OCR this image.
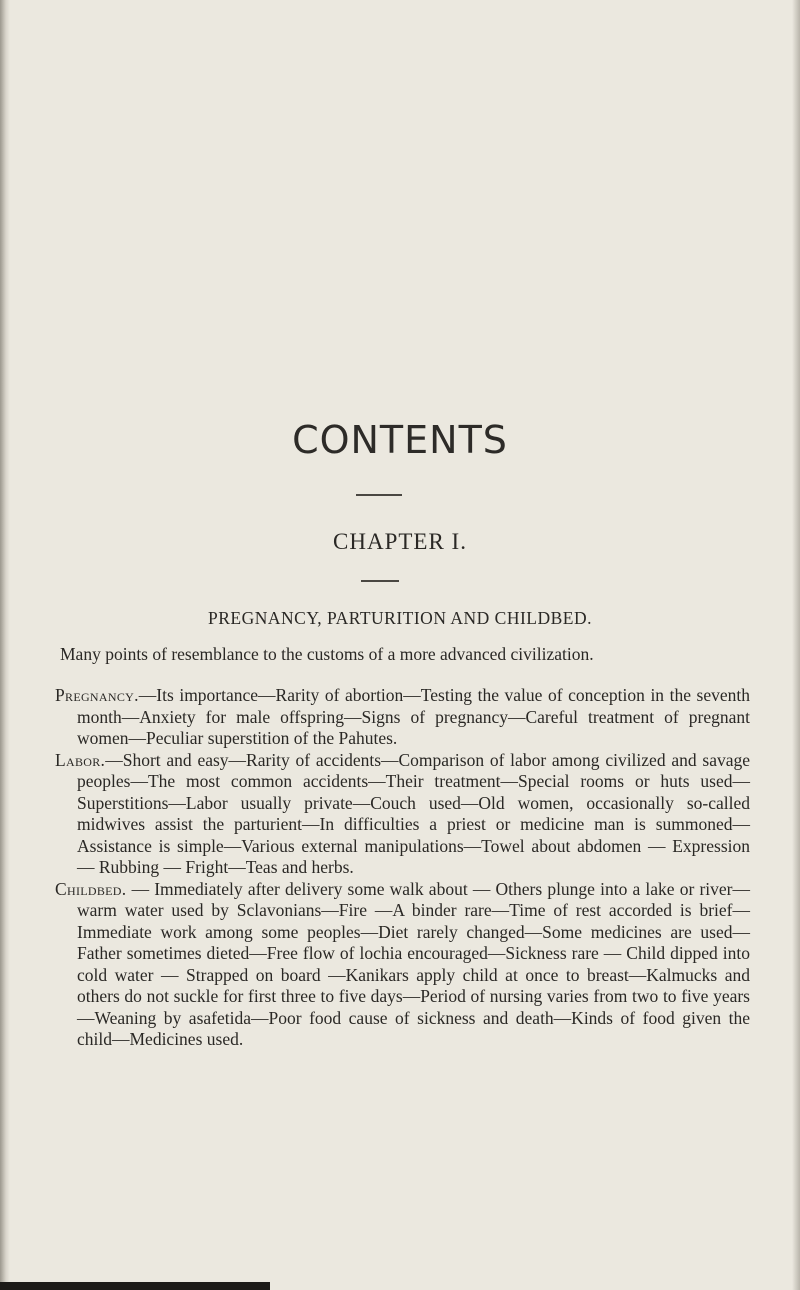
CONTENTS
CHAPTER I.
PREGNANCY, PARTURITION AND CHILDBED.
Many points of resemblance to the customs of a more advanced civilization.

Pregnancy.—Its importance—Rarity of abortion—Testing the value of conception in the seventh month—Anxiety for male offspring—Signs of pregnancy—Careful treatment of pregnant women—Peculiar superstition of the Pahutes.

Labor.—Short and easy—Rarity of accidents—Comparison of labor among civilized and savage peoples—The most common accidents—Their treatment—Special rooms or huts used—Superstitions—Labor usually private—Couch used—Old women, occasionally so-called midwives assist the parturient—In difficulties a priest or medicine man is summoned—Assistance is simple—Various external manipulations—Towel about abdomen — Expression — Rubbing — Fright—Teas and herbs.

Childbed. — Immediately after delivery some walk about — Others plunge into a lake or river—warm water used by Sclavonians—Fire —A binder rare—Time of rest accorded is brief—Immediate work among some peoples—Diet rarely changed—Some medicines are used—Father sometimes dieted—Free flow of lochia encouraged—Sickness rare — Child dipped into cold water — Strapped on board —Kanikars apply child at once to breast—Kalmucks and others do not suckle for first three to five days—Period of nursing varies from two to five years—Weaning by asafetida—Poor food cause of sickness and death—Kinds of food given the child—Medicines used.
